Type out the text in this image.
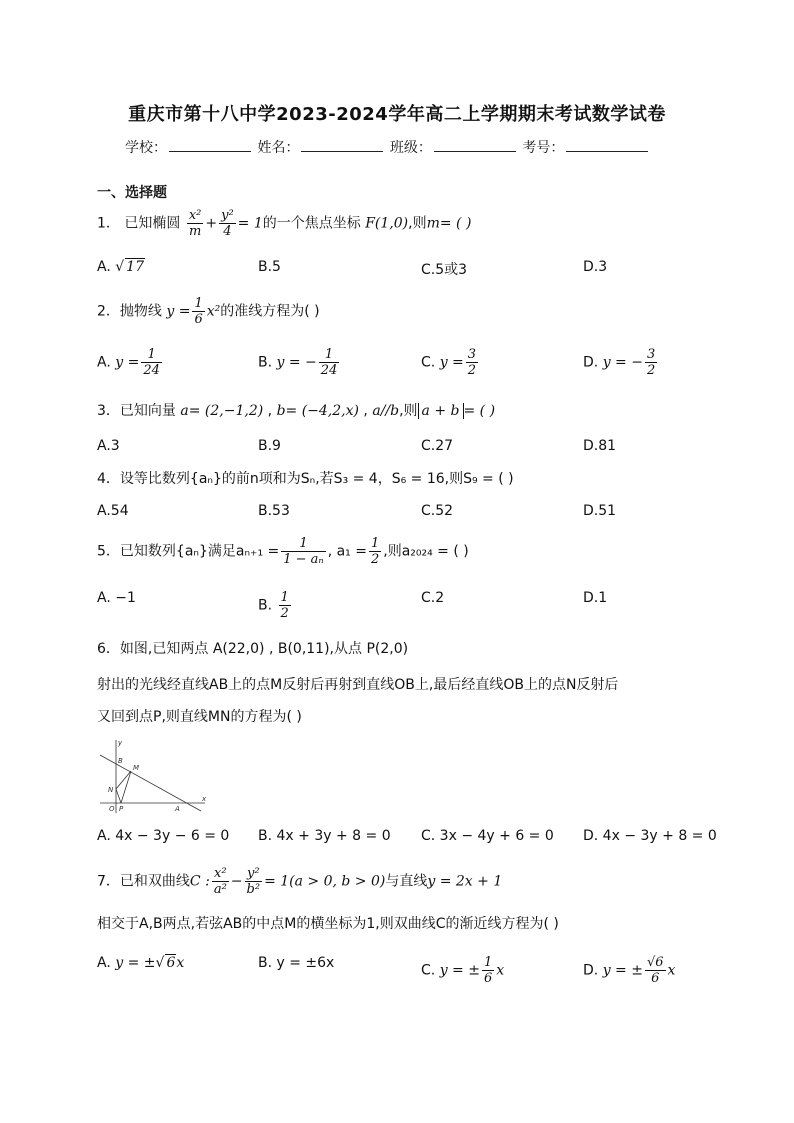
重庆市第十八中学2023-2024学年高二上学期期末考试数学试卷
学校：	姓名：	班级：	考号：
一、选择题
1． 已知椭圆 $\frac{\text{x²}}{m} + \frac{\text{y²}}{4} = 1$的一个焦点坐标 F(1,0),则m= ( )
A. √ 17	B.5	C.5或3	D.3
2．抛物线 $y = \frac{1}{6} x^2$的准线方程为( )
A. $y = \frac{1}{24}$	B. y = − $\frac{1}{24}$	C. $y = \frac{3}{2}$	D. y = − $\frac{3}{2}$
3．已知向量 a= (2,−1,2) , b= (−4,2,x) , a//b,则 a + b = ( )
A.3	B.9	C.27	D.81
4．设等比数列{aₙ}的前n项和为Sₙ,若S₃ = 4，S₆ = 16,则S₉ = ( )
A.54	B.53	C.52	D.51
5．已知数列{aₙ}满足$a_{n+1} = \frac{1}{\text{1 − aₙ}}$ , $a_1 = \frac{1}{2}$ ,则a₂₀₂₄ = ( )
A. −1	B. $\frac{1}{2}$	C.2	D.1
6．如图,已知两点 A(22,0) , B(0,11),从点 P(2,0)
射出的光线经直线AB上的点M反射后再射到直线OB上,最后经直线OB上的点N反射后
又回到点P,则直线MN的方程为( )
y
x
B
M
N
O P	A
A. 4x − 3y − 6 = 0 B. 4x + 3y + 8 = 0 C. 3x − 4y + 6 = 0 D. 4x − 3y + 8 = 0
7．已和双曲线C : $\frac{\text{x²}}{\text{a²}} - \frac{\text{y²}}{\text{b²}} = 1(a > 0$, b > 0)与直线y = 2x + 1
相交于A,B两点,若弦AB的中点M的横坐标为1,则双曲线C的渐近线方程为( )
A. y = ±√ 6x	B. y = ±6x	C. y = ± $\frac{1}{6}$ x	D. y = ± $\frac{√6}{6}$ x
